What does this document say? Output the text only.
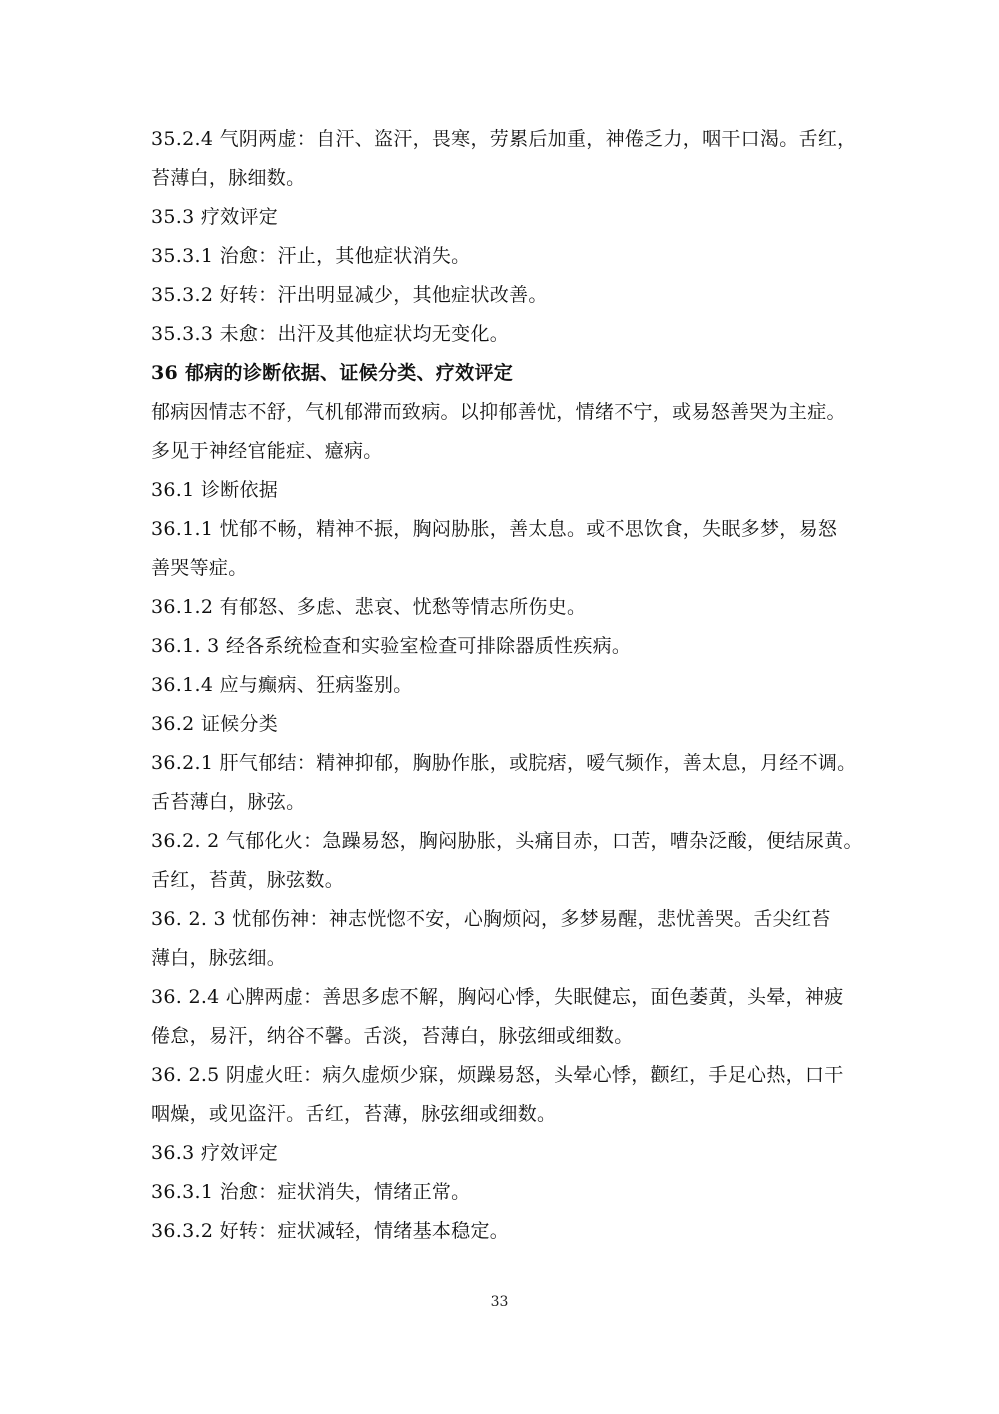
35.2.4 气阴两虚：自汗、盗汗，畏寒，劳累后加重，神倦乏力，咽干口渴。舌红，
苔薄白，脉细数。
35.3 疗效评定
35.3.1 治愈：汗止，其他症状消失。
35.3.2 好转：汗出明显减少，其他症状改善。
35.3.3 未愈：出汗及其他症状均无变化。
36 郁病的诊断依据、证候分类、疗效评定
郁病因情志不舒，气机郁滞而致病。以抑郁善忧，情绪不宁，或易怒善哭为主症。
多见于神经官能症、癔病。
36.1 诊断依据
36.1.1 忧郁不畅，精神不振，胸闷胁胀，善太息。或不思饮食，失眠多梦，易怒
善哭等症。
36.1.2 有郁怒、多虑、悲哀、忧愁等情志所伤史。
36.1. 3 经各系统检查和实验室检查可排除器质性疾病。
36.1.4 应与癫病、狂病鉴别。
36.2 证候分类
36.2.1 肝气郁结：精神抑郁，胸胁作胀，或脘痞，嗳气频作，善太息，月经不调。
舌苔薄白，脉弦。
36.2. 2 气郁化火：急躁易怒，胸闷胁胀，头痛目赤，口苦，嘈杂泛酸，便结尿黄。
舌红，苔黄，脉弦数。
36. 2. 3 忧郁伤神：神志恍惚不安，心胸烦闷，多梦易醒，悲忧善哭。舌尖红苔
薄白，脉弦细。
36. 2.4 心脾两虚：善思多虑不解，胸闷心悸，失眠健忘，面色萎黄，头晕，神疲
倦怠，易汗，纳谷不馨。舌淡，苔薄白，脉弦细或细数。
36. 2.5 阴虚火旺：病久虚烦少寐，烦躁易怒，头晕心悸，颧红，手足心热，口干
咽燥，或见盗汗。舌红，苔薄，脉弦细或细数。
36.3 疗效评定
36.3.1 治愈：症状消失，情绪正常。
36.3.2 好转：症状减轻，情绪基本稳定。
33
